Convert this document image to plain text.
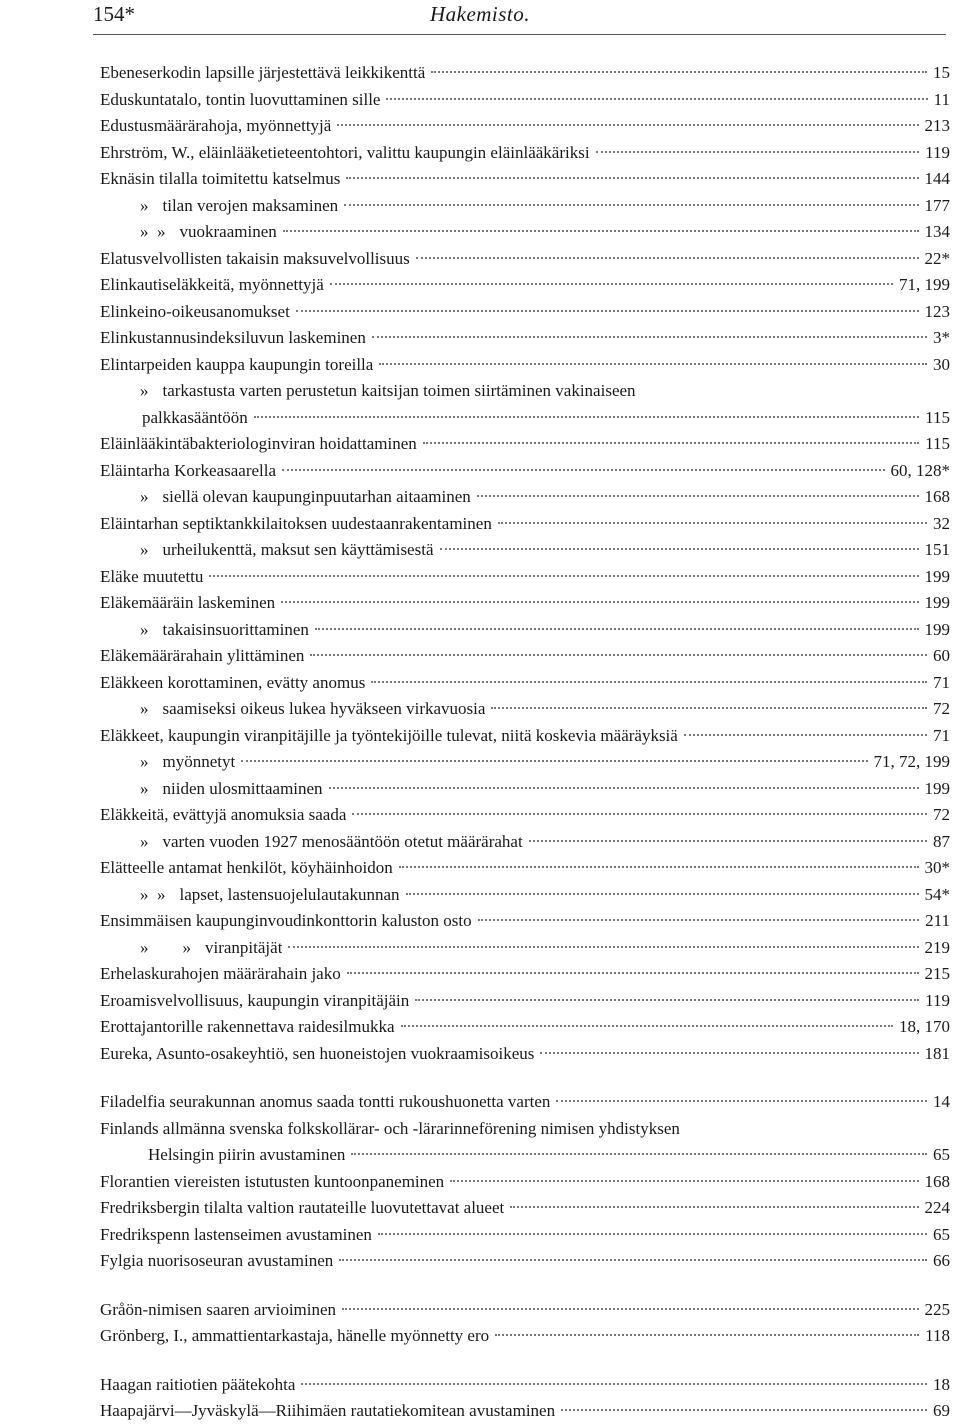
154*	Hakemisto.
Ebeneserkodin lapsille järjestettävä leikkikenttä	15
Eduskuntatalo, tontin luovuttaminen sille	11
Edustusmäärärahoja, myönnettyjä	213
Ehrström, W., eläinlääketieteentohtori, valittu kaupungin eläinlääkäriksi	119
Eknäsin tilalla toimitettu katselmus	144
» tilan verojen maksaminen	177
»  » vuokraaminen	134
Elatusvelvollisten takaisin maksuvelvollisuus	22*
Elinkautiseläkkeitä, myönnettyjä	71, 199
Elinkeino-oikeusanomukset	123
Elinkustannusindeksiluvun laskeminen	3*
Elintarpeiden kauppa kaupungin toreilla	30
» tarkastusta varten perustetun kaitsijan toimen siirtäminen vakinaiseen
palkkasääntöön	115
Eläinlääkintäbakteriologinviran hoidattaminen	115
Eläintarha Korkeasaarella	60, 128*
» siellä olevan kaupunginpuutarhan aitaaminen	168
Eläintarhan septiktankkilaitoksen uudestaanrakentaminen	32
» urheilukenttä, maksut sen käyttämisestä	151
Eläke muutettu	199
Eläkemääräin laskeminen	199
» takaisinsuorittaminen	199
Eläkemäärärahain ylittäminen	60
Eläkkeen korottaminen, evätty anomus	71
» saamiseksi oikeus lukea hyväkseen virkavuosia	72
Eläkkeet, kaupungin viranpitäjille ja työntekijöille tulevat, niitä koskevia määräyksiä	71
» myönnetyt	71, 72, 199
» niiden ulosmittaaminen	199
Eläkkeitä, evättyjä anomuksia saada	72
» varten vuoden 1927 menosääntöön otetut määrärahat	87
Elätteelle antamat henkilöt, köyhäinhoidon	30*
»  » lapset, lastensuojelulautakunnan	54*
Ensimmäisen kaupunginvoudinkonttorin kaluston osto	211
»        » viranpitäjät	219
Erhelaskurahojen määrärahain jako	215
Eroamisvelvollisuus, kaupungin viranpitäjäin	119
Erottajantorille rakennettava raidesilmukka	18, 170
Eureka, Asunto-osakeyhtiö, sen huoneistojen vuokraamisoikeus	181
Filadelfia seurakunnan anomus saada tontti rukoushuonetta varten	14
Finlands allmänna svenska folkskollärar- och -lärarinneförening nimisen yhdistyksen
Helsingin piirin avustaminen	65
Florantien viereisten istutusten kuntoonpaneminen	168
Fredriksbergin tilalta valtion rautateille luovutettavat alueet	224
Fredrikspenn lastenseimen avustaminen	65
Fylgia nuorisoseuran avustaminen	66
Gråön-nimisen saaren arvioiminen	225
Grönberg, I., ammattientarkastaja, hänelle myönnetty ero	118
Haagan raitiotien päätekohta	18
Haapajärvi—Jyväskylä—Riihimäen rautatiekomitean avustaminen	69
